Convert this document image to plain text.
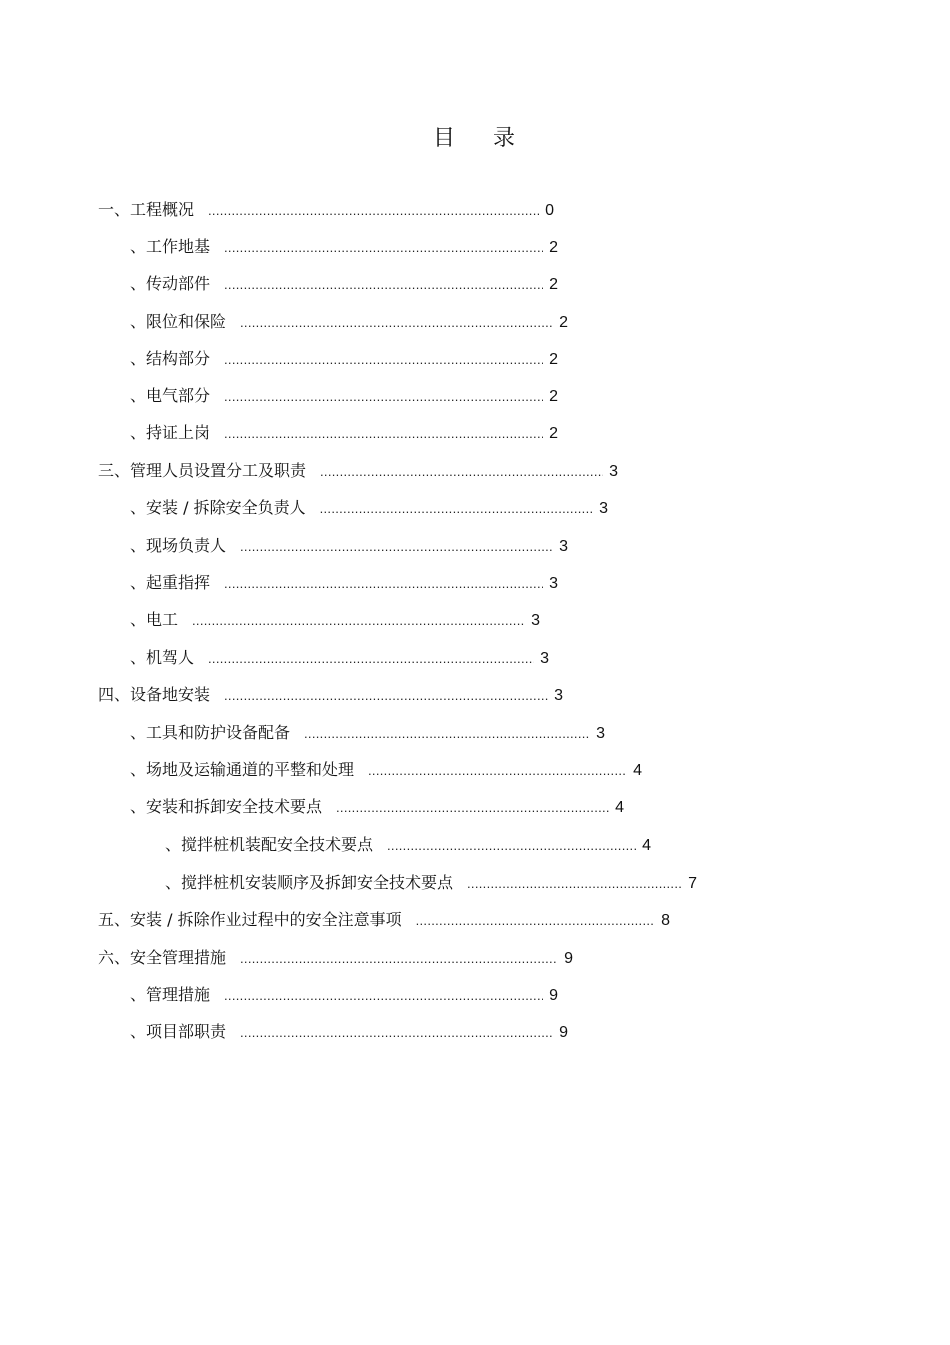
目 录
一、工程概况 .....	0
、工作地基 .....	2
、传动部件 .....	2
、限位和保险 .....	2
、结构部分 .....	2
、电气部分 .....	2
、持证上岗 .....	2
三、管理人员设置分工及职责 .....	3
、安装 / 拆除安全负责人 .....	3
、现场负责人 .....	3
、起重指挥 .....	3
、电工 .....	3
、机驾人 .....	3
四、设备地安装 .....	3
、工具和防护设备配备 .....	3
、场地及运输通道的平整和处理 .....	4
、安装和拆卸安全技术要点 .....	4
、搅拌桩机装配安全技术要点 .....	4
、搅拌桩机安装顺序及拆卸安全技术要点 .....	7
五、安装 / 拆除作业过程中的安全注意事项 .....	8
六、安全管理措施 .....	9
、管理措施 .....	9
、项目部职责 .....	9
